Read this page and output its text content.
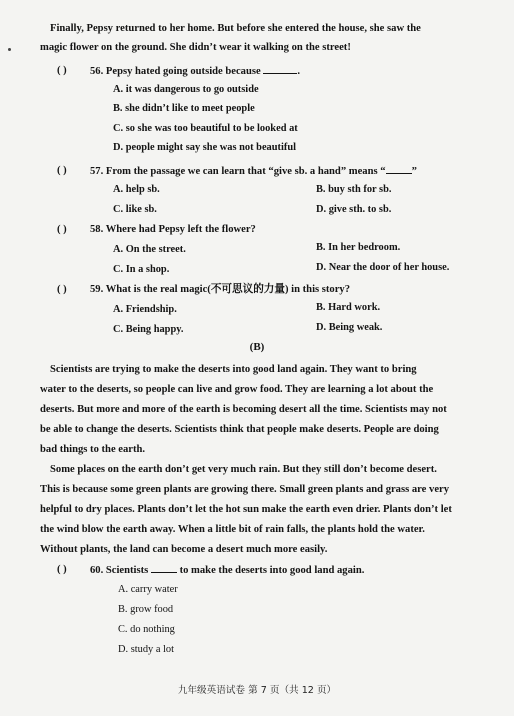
Finally, Pepsy returned to her home. But before she entered the house, she saw the
magic flower on the ground. She didn’t wear it walking on the street!
( ) 56. Pepsy hated going outside because	.
A. it was dangerous to go outside
B. she didn’t like to meet people
C. so she was too beautiful to be looked at
D. people might say she was not beautiful
( ) 57. From the passage we can learn that “give sb. a hand” means “ ”
A. help sb.	B. buy sth for sb.
C. like sb.	D. give sth. to sb.
( ) 58. Where had Pepsy left the flower?
A. On the street.	B. In her bedroom.
C. In a shop.	D. Near the door of her house.
( ) 59. What is the real magic(不可思议的力量) in this story?
A. Friendship.	B. Hard work.
C. Being happy.	D. Being weak.
(B)
Scientists are trying to make the deserts into good land again. They want to bring
water to the deserts, so people can live and grow food. They are learning a lot about the
deserts. But more and more of the earth is becoming desert all the time. Scientists may not
be able to change the deserts. Scientists think that people make deserts. People are doing
bad things to the earth.
Some places on the earth don’t get very much rain. But they still don’t become desert.
This is because some green plants are growing there. Small green plants and grass are very
helpful to dry places. Plants don’t let the hot sun make the earth even drier. Plants don’t let
the wind blow the earth away. When a little bit of rain falls, the plants hold the water.
Without plants, the land can become a desert much more easily.
( ) 60. Scientists	to make the deserts into good land again.
A. carry water
B. grow food
C. do nothing
D. study a lot
九年级英语试卷 第 7 页（共 12 页）
